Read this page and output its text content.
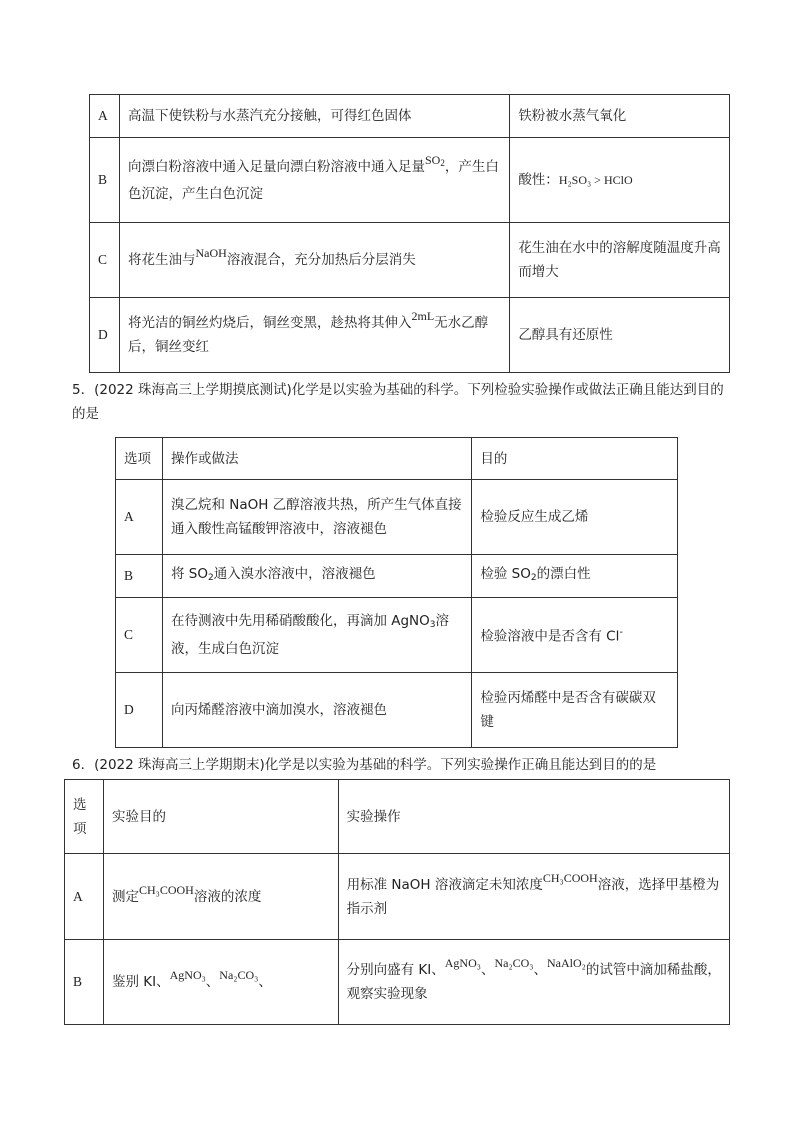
A	高温下使铁粉与水蒸汽充分接触，可得红色固体	铁粉被水蒸气氧化
B	向漂白粉溶液中通入足量向漂白粉溶液中通入足量$SO_2$，产生白色沉淀，产生白色沉淀	酸性：H₂SO₃ > HClO
C	将花生油与NaOH溶液混合，充分加热后分层消失	花生油在水中的溶解度随温度升高而增大
D	将光洁的铜丝灼烧后，铜丝变黑，趁热将其伸入2mL无水乙醇后，铜丝变红	乙醇具有还原性
5．(2022 珠海高三上学期摸底测试)化学是以实验为基础的科学。下列检验实验操作或做法正确且能达到目的的是
选项	操作或做法	目的
A	溴乙烷和 NaOH 乙醇溶液共热，所产生气体直接通入酸性高锰酸钾溶液中，溶液褪色	检验反应生成乙烯
B	将 $SO_2$通入溴水溶液中，溶液褪色	检验 $SO_2$的漂白性
C	在待测液中先用稀硝酸酸化，再滴加 AgNO$_3$溶液，生成白色沉淀	检验溶液中是否含有 Cl-
D	向丙烯醛溶液中滴加溴水，溶液褪色	检验丙烯醛中是否含有碳碳双键
6．(2022 珠海高三上学期期末)化学是以实验为基础的科学。下列实验操作正确且能达到目的的是
选项	实验目的	实验操作
A	测定CH₃COOH溶液的浓度	用标准 NaOH 溶液滴定未知浓度CH₃COOH溶液，选择甲基橙为指示剂
B	鉴别 KI、AgNO₃、Na₂CO₃、	分别向盛有 KI、AgNO₃、Na₂CO₃、NaAlO₂的试管中滴加稀盐酸，观察实验现象
